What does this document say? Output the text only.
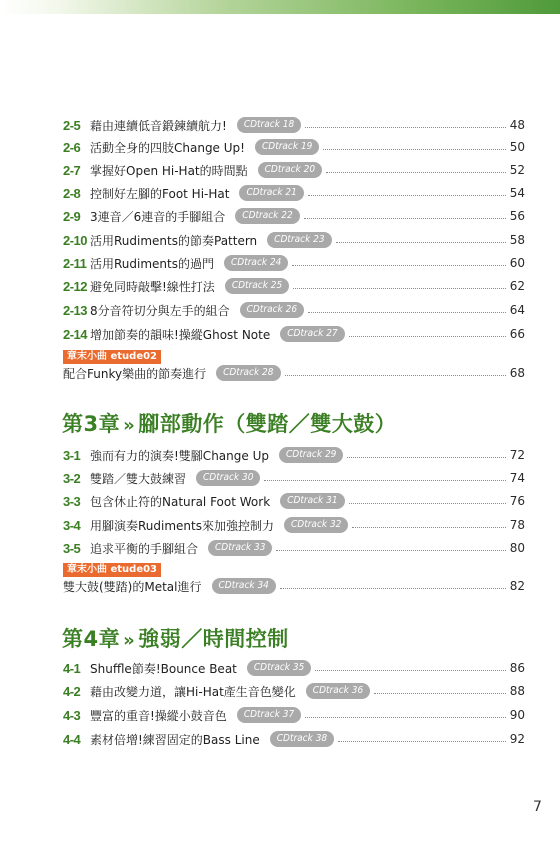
2-5 藉由連續低音鍛鍊續航力!	CDtrack 18	48
2-6 活動全身的四肢Change Up!	CDtrack 19	50
2-7 掌握好Open Hi-Hat的時間點	CDtrack 20	52
2-8 控制好左腳的Foot Hi-Hat	CDtrack 21	54
2-9 3連音／6連音的手腳組合	CDtrack 22	56
2-10 活用Rudiments的節奏Pattern	CDtrack 23	58
2-11 活用Rudiments的過門	CDtrack 24	60
2-12 避免同時敲擊!線性打法	CDtrack 25	62
2-13 8分音符切分與左手的組合	CDtrack 26	64
2-14 增加節奏的韻味!操縱Ghost Note	CDtrack 27	66
章末小曲 etude02
配合Funky樂曲的節奏進行	CDtrack 28	68
第3章 » 腳部動作（雙踏／雙大鼓）
3-1 強而有力的演奏!雙腳Change Up	CDtrack 29	72
3-2 雙踏／雙大鼓練習	CDtrack 30	74
3-3 包含休止符的Natural Foot Work	CDtrack 31	76
3-4 用腳演奏Rudiments來加強控制力	CDtrack 32	78
3-5 追求平衡的手腳組合	CDtrack 33	80
章末小曲 etude03
雙大鼓(雙踏)的Metal進行	CDtrack 34	82
第4章 » 強弱／時間控制
4-1 Shuffle節奏!Bounce Beat	CDtrack 35	86
4-2 藉由改變力道，讓Hi-Hat產生音色變化	CDtrack 36	88
4-3 豐富的重音!操縱小鼓音色	CDtrack 37	90
4-4 素材倍增!練習固定的Bass Line	CDtrack 38	92
7
